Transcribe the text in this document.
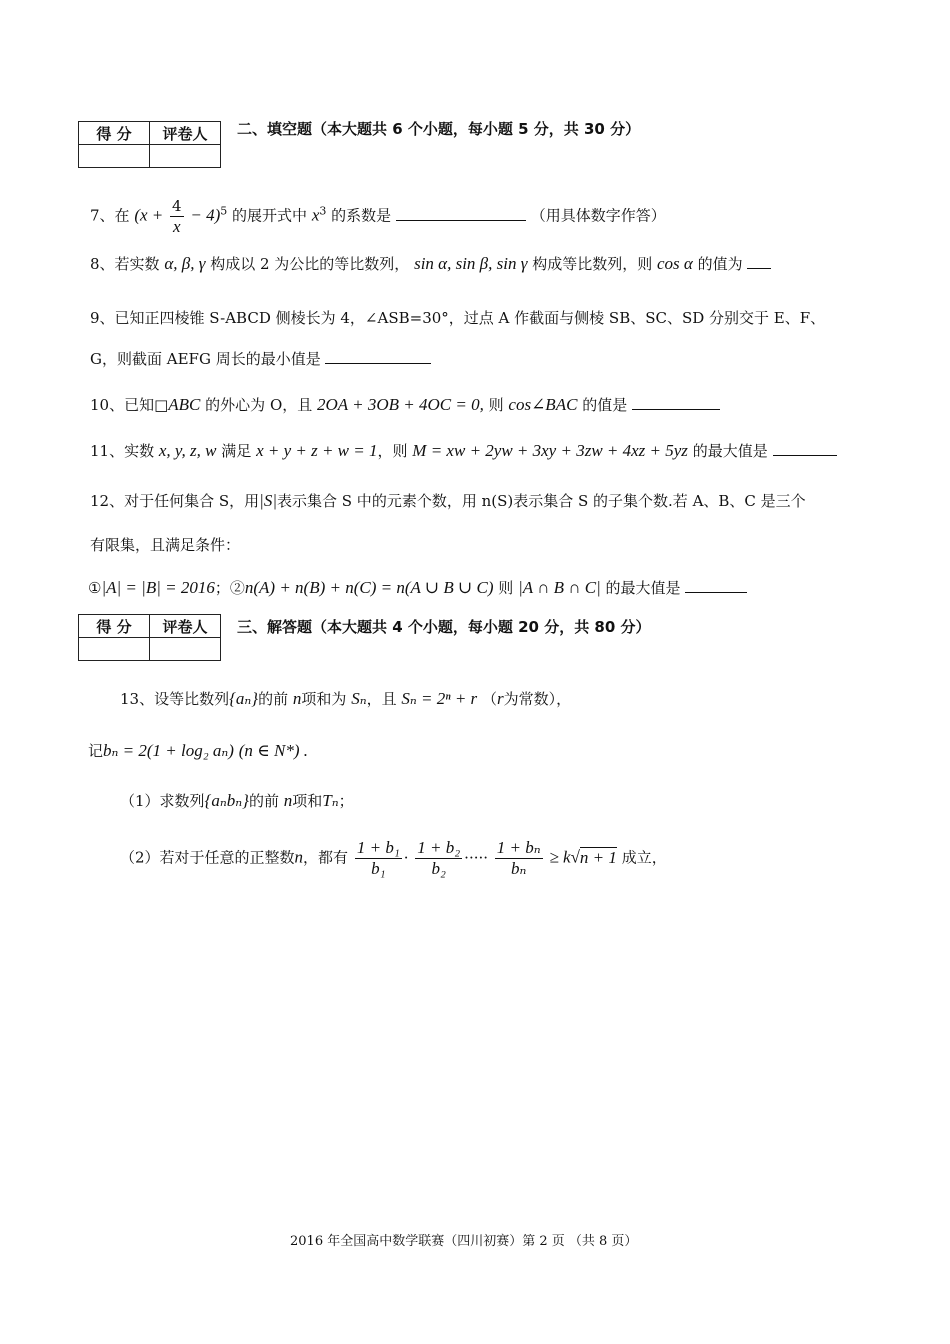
得 分	评卷人
	二、填空题（本大题共 6 个小题，每小题 5 分，共 30 分）
7、在 $(x + \frac{4}{x} - 4)^5$ 的展开式中 $x^3$ 的系数是	（用具体数字作答）
8、若实数 α, β, γ 构成以 2 为公比的等比数列， sin α, sin β, sin γ 构成等比数列，则 cos α 的值为
9、已知正四棱锥 S-ABCD 侧棱长为 4，∠ASB=30°，过点 A 作截面与侧棱 SB、SC、SD 分别交于 E、F、
G，则截面 AEFG 周长的最小值是
10、已知□ABC 的外心为 O，且 2OA + 3OB + 4OC = 0, 则 cos∠BAC 的值是
11、实数 x, y, z, w 满足 x + y + z + w = 1，则 M = xw + 2yw + 3xy + 3zw + 4xz + 5yz 的最大值是
12、对于任何集合 S，用|S|表示集合 S 中的元素个数，用 n(S)表示集合 S 的子集个数.若 A、B、C 是三个
有限集，且满足条件：
①|A| = |B| = 2016；②n(A) + n(B) + n(C) = n(A ∪ B ∪ C) 则 |A ∩ B ∩ C| 的最大值是
得 分	评卷人
	三、解答题（本大题共 4 个小题，每小题 20 分，共 80 分）
13、设等比数列{aₙ}的前 n项和为 Sₙ，且 Sₙ = 2ⁿ + r （r为常数），
记bₙ = 2(1 + log₂ aₙ) (n ∈ N*) .
（1）求数列{aₙbₙ}的前 n项和Tₙ；
（2）若对于任意的正整数n，都有 $\frac{\text{1 + b₁}}{\text{b₁}} \cdot \frac{\text{1 + b₂}}{\text{b₂}}$ ····· $\frac{\text{1 + bₙ}}{\text{bₙ}} \ge k√n + 1$ 成立，
2016 年全国高中数学联赛（四川初赛）第 2 页 （共 8 页）
